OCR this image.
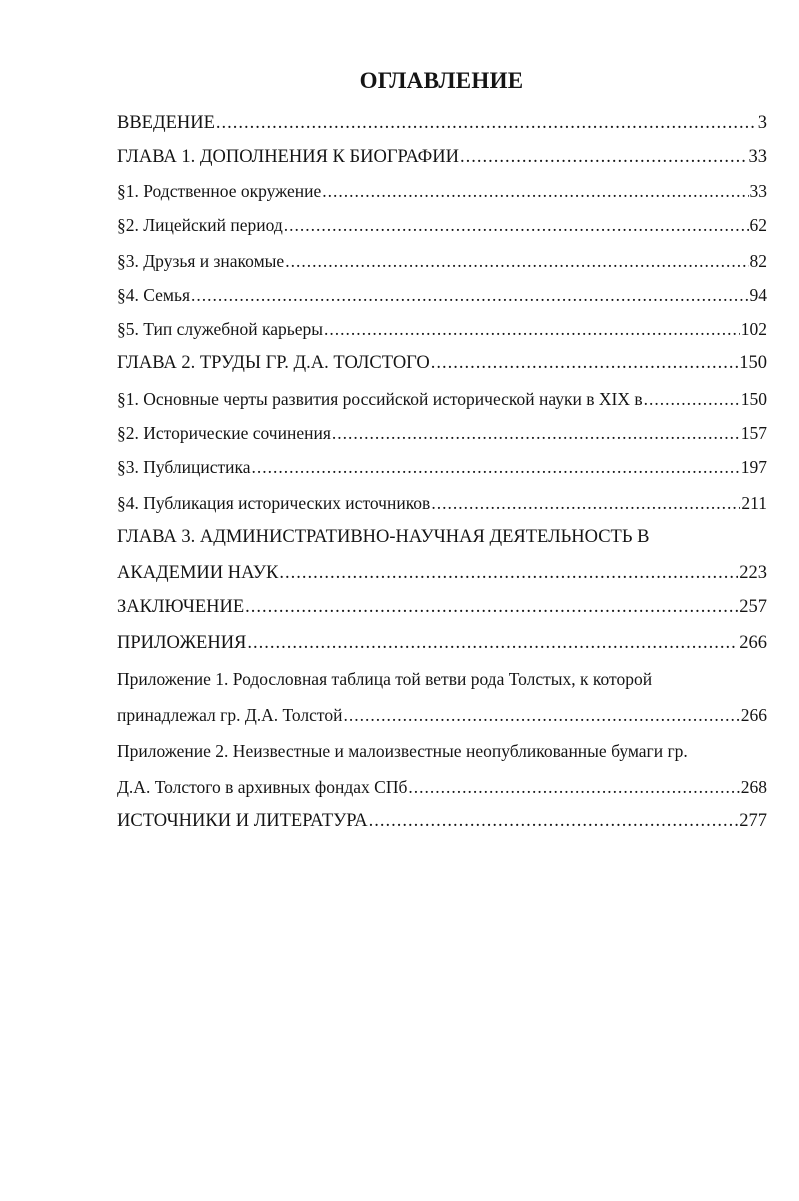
ОГЛАВЛЕНИЕ
ВВЕДЕНИЕ .....	3
ГЛАВА 1. ДОПОЛНЕНИЯ К БИОГРАФИИ .....	33
§1. Родственное окружение .....	33
§2. Лицейский период .....	62
§3. Друзья и знакомые .....	82
§4. Семья .....	94
§5. Тип служебной карьеры .....	102
ГЛАВА 2. ТРУДЫ ГР. Д.А. ТОЛСТОГО .....	150
§1. Основные черты развития российской исторической науки в XIX в .....	150
§2. Исторические сочинения .....	157
§3. Публицистика .....	197
§4. Публикация исторических источников .....	211
ГЛАВА 3. АДМИНИСТРАТИВНО-НАУЧНАЯ ДЕЯТЕЛЬНОСТЬ В
АКАДЕМИИ НАУК .....	223
ЗАКЛЮЧЕНИЕ .....	257
ПРИЛОЖЕНИЯ .....	266
Приложение 1. Родословная таблица той ветви рода Толстых, к которой
принадлежал гр. Д.А. Толстой .....	266
Приложение 2. Неизвестные и малоизвестные неопубликованные бумаги гр.
Д.А. Толстого в архивных фондах СПб .....	268
ИСТОЧНИКИ И ЛИТЕРАТУРА .....	277
